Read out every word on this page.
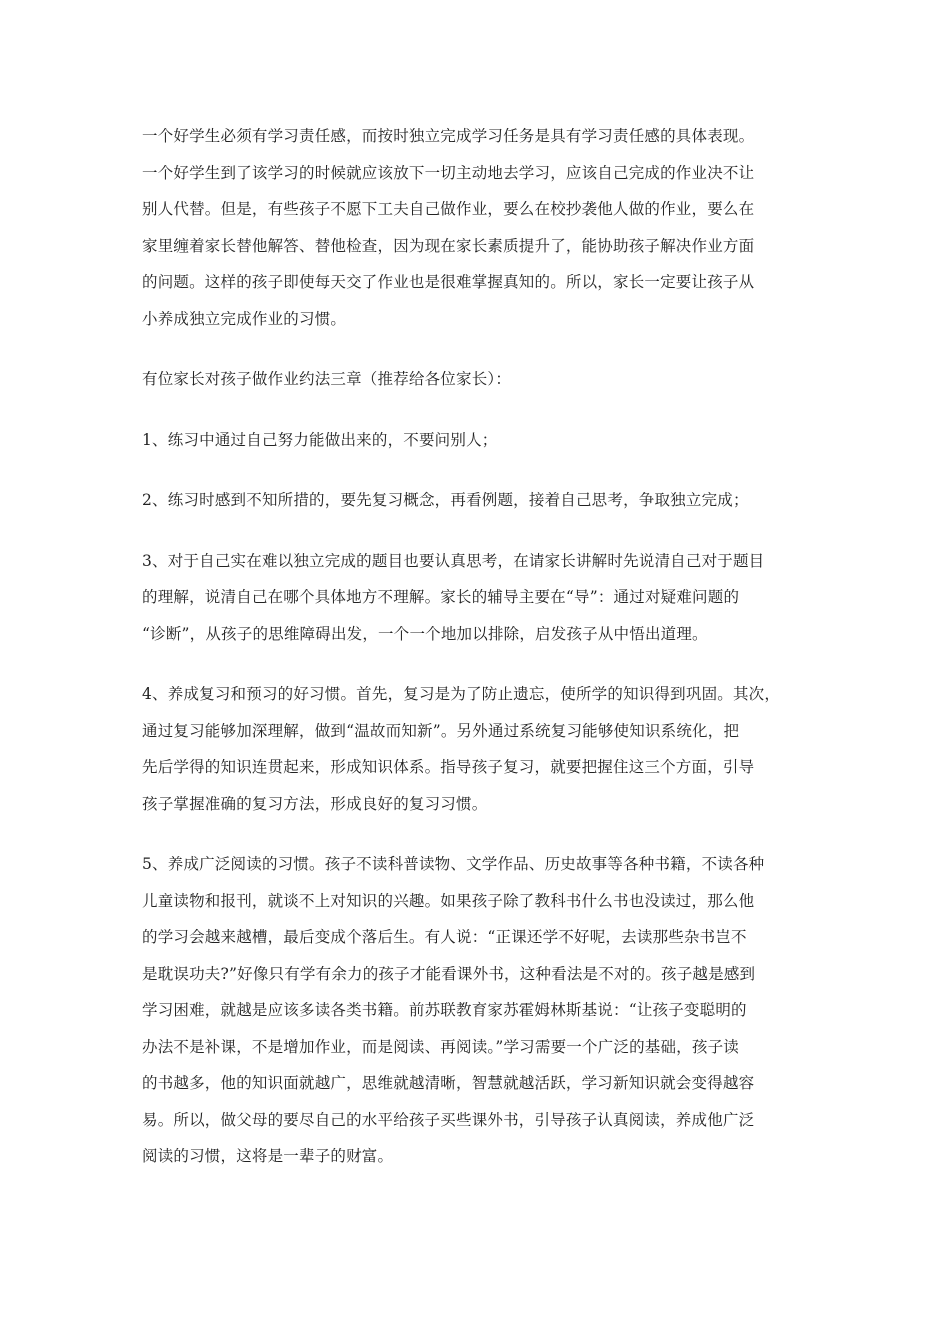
一个好学生必须有学习责任感，而按时独立完成学习任务是具有学习责任感的具体表现。
一个好学生到了该学习的时候就应该放下一切主动地去学习，应该自己完成的作业决不让
别人代替。但是，有些孩子不愿下工夫自己做作业，要么在校抄袭他人做的作业，要么在
家里缠着家长替他解答、替他检查，因为现在家长素质提升了，能协助孩子解决作业方面
的问题。这样的孩子即使每天交了作业也是很难掌握真知的。所以，家长一定要让孩子从
小养成独立完成作业的习惯。

有位家长对孩子做作业约法三章（推荐给各位家长）：

1、练习中通过自己努力能做出来的，不要问别人；

2、练习时感到不知所措的，要先复习概念，再看例题，接着自己思考，争取独立完成；

3、对于自己实在难以独立完成的题目也要认真思考，在请家长讲解时先说清自己对于题目
的理解，说清自己在哪个具体地方不理解。家长的辅导主要在“导”：通过对疑难问题的
“诊断”，从孩子的思维障碍出发，一个一个地加以排除，启发孩子从中悟出道理。

4、养成复习和预习的好习惯。首先，复习是为了防止遗忘，使所学的知识得到巩固。其次，
通过复习能够加深理解，做到“温故而知新”。另外通过系统复习能够使知识系统化，把
先后学得的知识连贯起来，形成知识体系。指导孩子复习，就要把握住这三个方面，引导
孩子掌握准确的复习方法，形成良好的复习习惯。

5、养成广泛阅读的习惯。孩子不读科普读物、文学作品、历史故事等各种书籍，不读各种
儿童读物和报刊，就谈不上对知识的兴趣。如果孩子除了教科书什么书也没读过，那么他
的学习会越来越槽，最后变成个落后生。有人说：“正课还学不好呢，去读那些杂书岂不
是耽误功夫?”好像只有学有余力的孩子才能看课外书，这种看法是不对的。孩子越是感到
学习困难，就越是应该多读各类书籍。前苏联教育家苏霍姆林斯基说：“让孩子变聪明的
办法不是补课，不是增加作业，而是阅读、再阅读。”学习需要一个广泛的基础，孩子读
的书越多，他的知识面就越广，思维就越清晰，智慧就越活跃，学习新知识就会变得越容
易。所以，做父母的要尽自己的水平给孩子买些课外书，引导孩子认真阅读，养成他广泛
阅读的习惯，这将是一辈子的财富。
